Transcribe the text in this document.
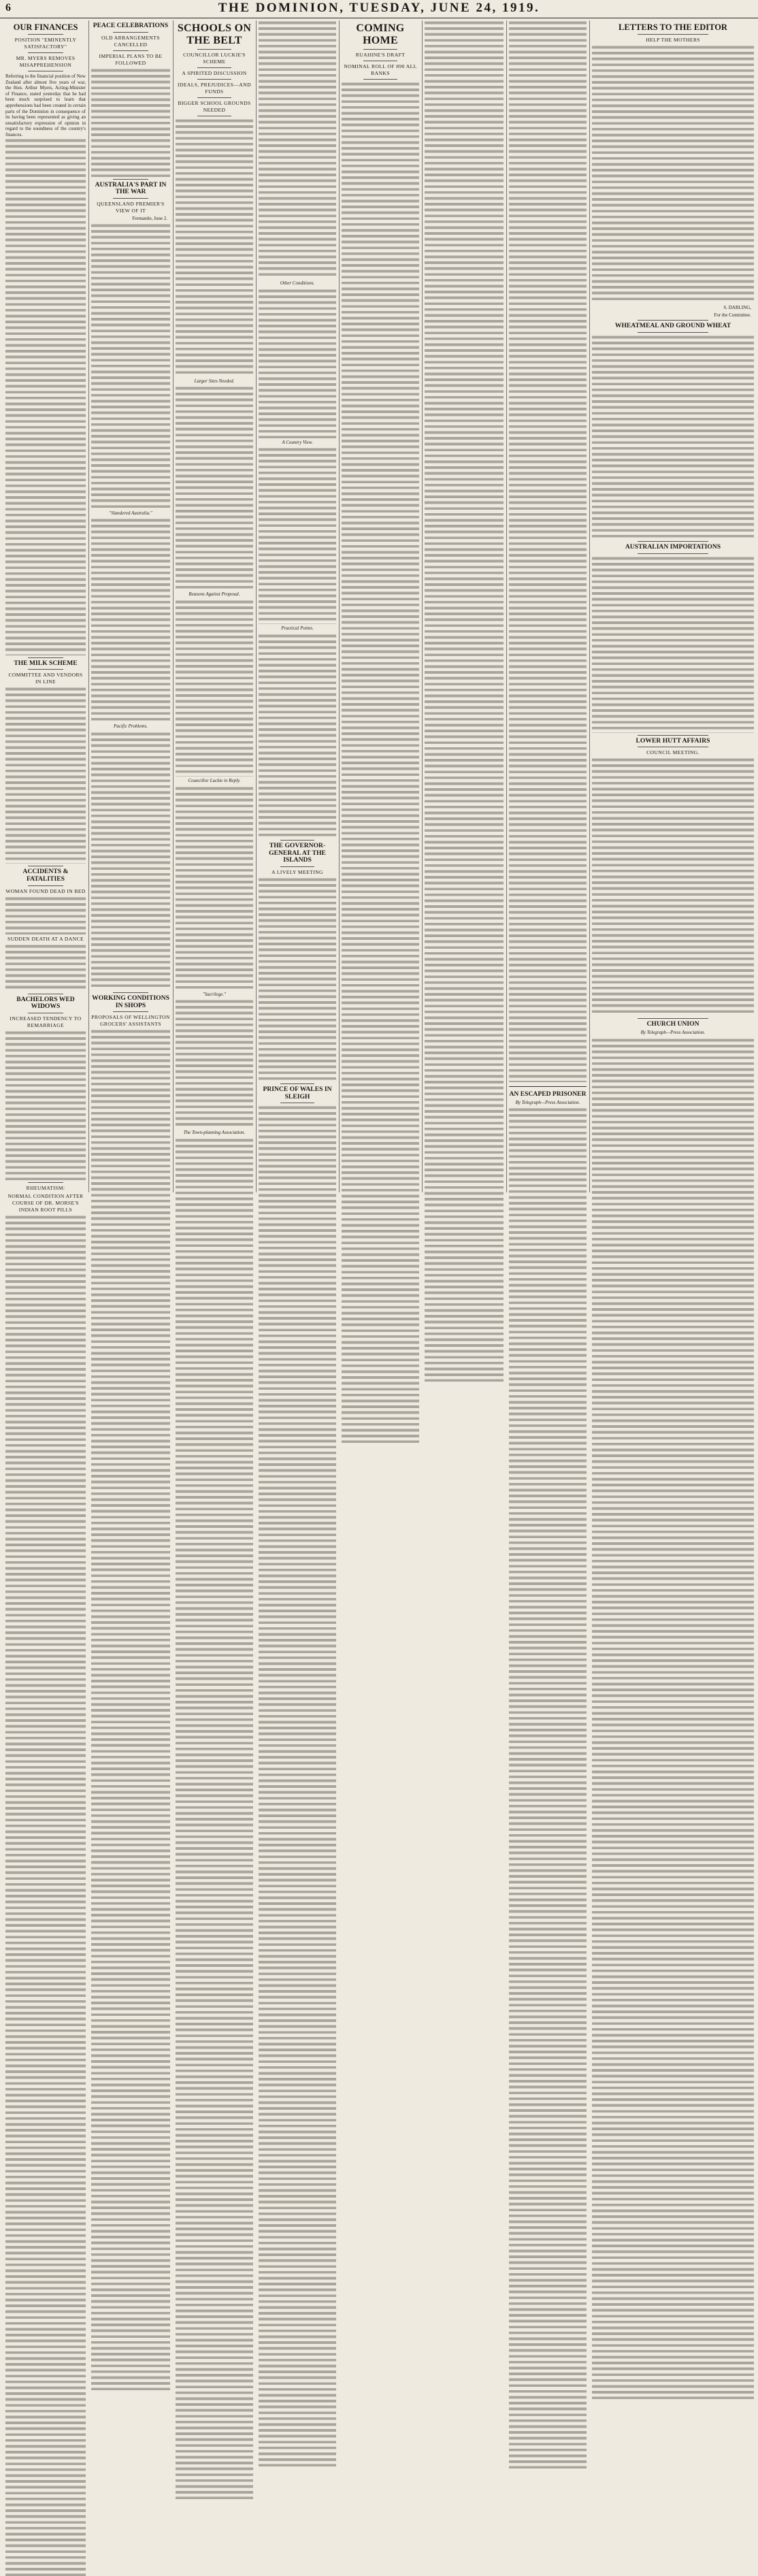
6	THE DOMINION, TUESDAY, JUNE 24, 1919.
OUR FINANCES
POSITION "EMINENTLY SATISFACTORY"
MR. MYERS REMOVES MISAPPREHENSION
Referring to the financial position of New Zealand after almost five years of war, the Hon. Arthur Myers, Acting-Minister of Finance, stated yesterday that he had been much surprised to learn that apprehensions had been created in certain parts of the Dominion in consequence of its having been represented as giving an unsatisfactory expression of opinion in regard to the soundness of the country's finances.
THE MILK SCHEME
COMMITTEE AND VENDORS IN LINE
ACCIDENTS & FATALITIES
WOMAN FOUND DEAD IN BED
SUDDEN DEATH AT A DANCE
BACHELORS WED WIDOWS
INCREASED TENDENCY TO REMARRIAGE
RHEUMATISM:
NORMAL CONDITION AFTER COURSE OF DR. MORSE'S INDIAN ROOT PILLS
PEACE CELEBRATIONS
OLD ARRANGEMENTS CANCELLED
IMPERIAL PLANS TO BE FOLLOWED
AUSTRALIA'S PART IN THE WAR
QUEENSLAND PREMIER'S VIEW OF IT
Fremantle, June 2.
"Slandered Australia."
Pacific Problems.
WORKING CONDITIONS IN SHOPS
PROPOSALS OF WELLINGTON GROCERS' ASSISTANTS
SCHOOLS ON THE BELT
COUNCILLOR LUCKIE'S SCHEME
A SPIRITED DISCUSSION
IDEALS, PREJUDICES—AND FUNDS
BIGGER SCHOOL GROUNDS NEEDED
Larger Sites Needed.
Reasons Against Proposal.
Councillor Luckie in Reply.
"Sacrilege."
The Town-planning Association.
Other Conditions.
A Country View.
Practical Points.
THE GOVERNOR-GENERAL AT THE ISLANDS
A LIVELY MEETING
PRINCE OF WALES IN SLEIGH
COMING HOME
RUAHINE'S DRAFT
NOMINAL ROLL OF 890 ALL RANKS
AN ESCAPED PRISONER
By Telegraph—Press Association.
LETTERS TO THE EDITOR
HELP THE MOTHERS
S. DARLING,
For the Committee.
WHEATMEAL AND GROUND WHEAT
AUSTRALIAN IMPORTATIONS
LOWER HUTT AFFAIRS
COUNCIL MEETING.
CHURCH UNION
By Telegraph—Press Association.
